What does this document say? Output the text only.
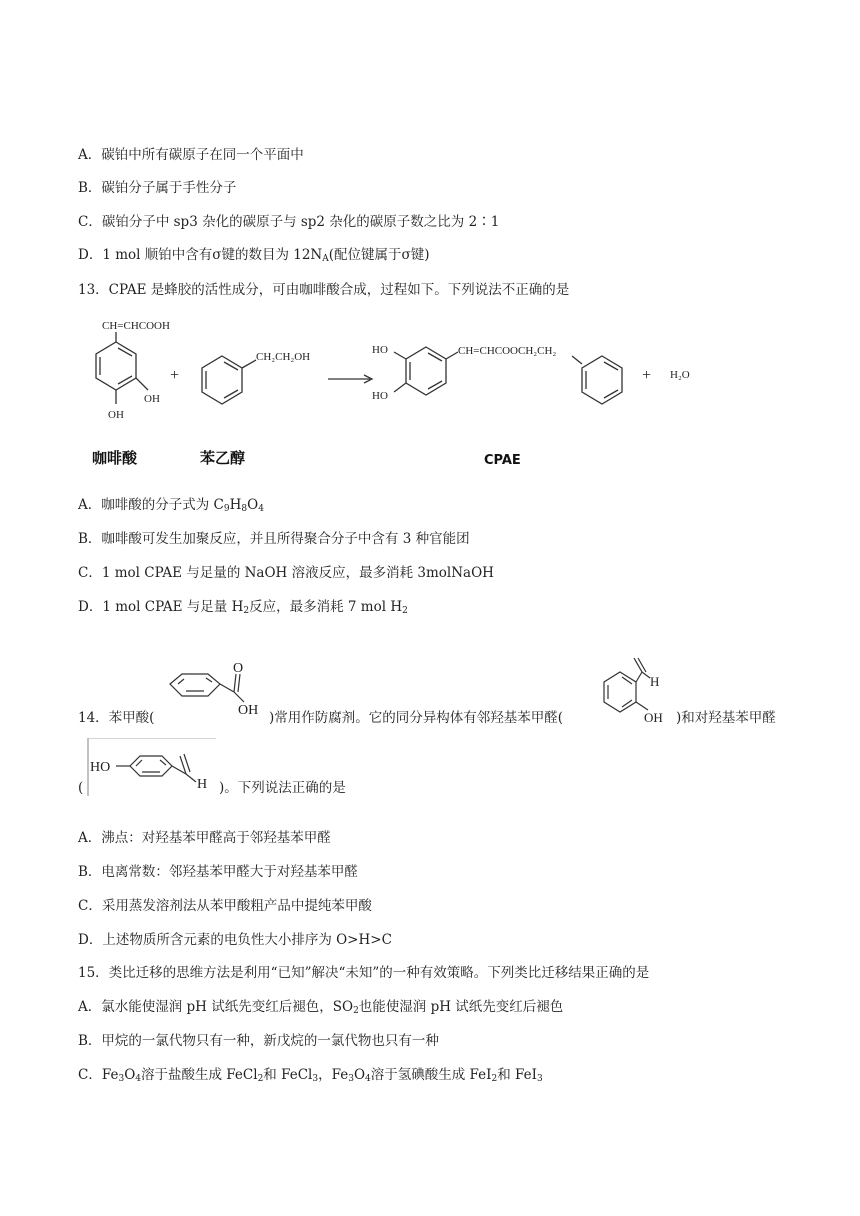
A．碳铂中所有碳原子在同一个平面中
B．碳铂分子属于手性分子
C．碳铂分子中 sp3 杂化的碳原子与 sp2 杂化的碳原子数之比为 2∶1
D．1 mol 顺铂中含有σ键的数目为 $12N_A$(配位键属于σ键)
13．CPAE 是蜂胶的活性成分，可由咖啡酸合成，过程如下。下列说法不正确的是
CH=CHCOOH
OH
OH
+
CH₂CH₂OH
HO
HO
CH=CHCOOCH₂CH₂
+ H₂O
咖啡酸	苯乙醇	CPAE
A．咖啡酸的分子式为 $C_9H_8O_4$
B．咖啡酸可发生加聚反应，并且所得聚合分子中含有 3 种官能团
C．1 mol CPAE 与足量的 NaOH 溶液反应，最多消耗 3molNaOH
D．1 mol CPAE 与足量 $H_2$反应，最多消耗 7 mol $H_2$
14．苯甲酸(
O
OH )常用作防腐剂。它的同分异构体有邻羟基苯甲醛(
H
OH )和对羟基苯甲醛
(
HO
H )。下列说法正确的是
A．沸点：对羟基苯甲醛高于邻羟基苯甲醛
B．电离常数：邻羟基苯甲醛大于对羟基苯甲醛
C．采用蒸发溶剂法从苯甲酸粗产品中提纯苯甲酸
D．上述物质所含元素的电负性大小排序为 O>H>C
15．类比迁移的思维方法是利用“已知”解决“未知”的一种有效策略。下列类比迁移结果正确的是
A．氯水能使湿润 pH 试纸先变红后褪色，$SO_2$也能使湿润 pH 试纸先变红后褪色
B．甲烷的一氯代物只有一种，新戊烷的一氯代物也只有一种
C．$Fe_3O_4$溶于盐酸生成 FeCl$_2$和 FeCl$_3$，$Fe_3O_4$溶于氢碘酸生成 FeI$_2$和 FeI$_3$
